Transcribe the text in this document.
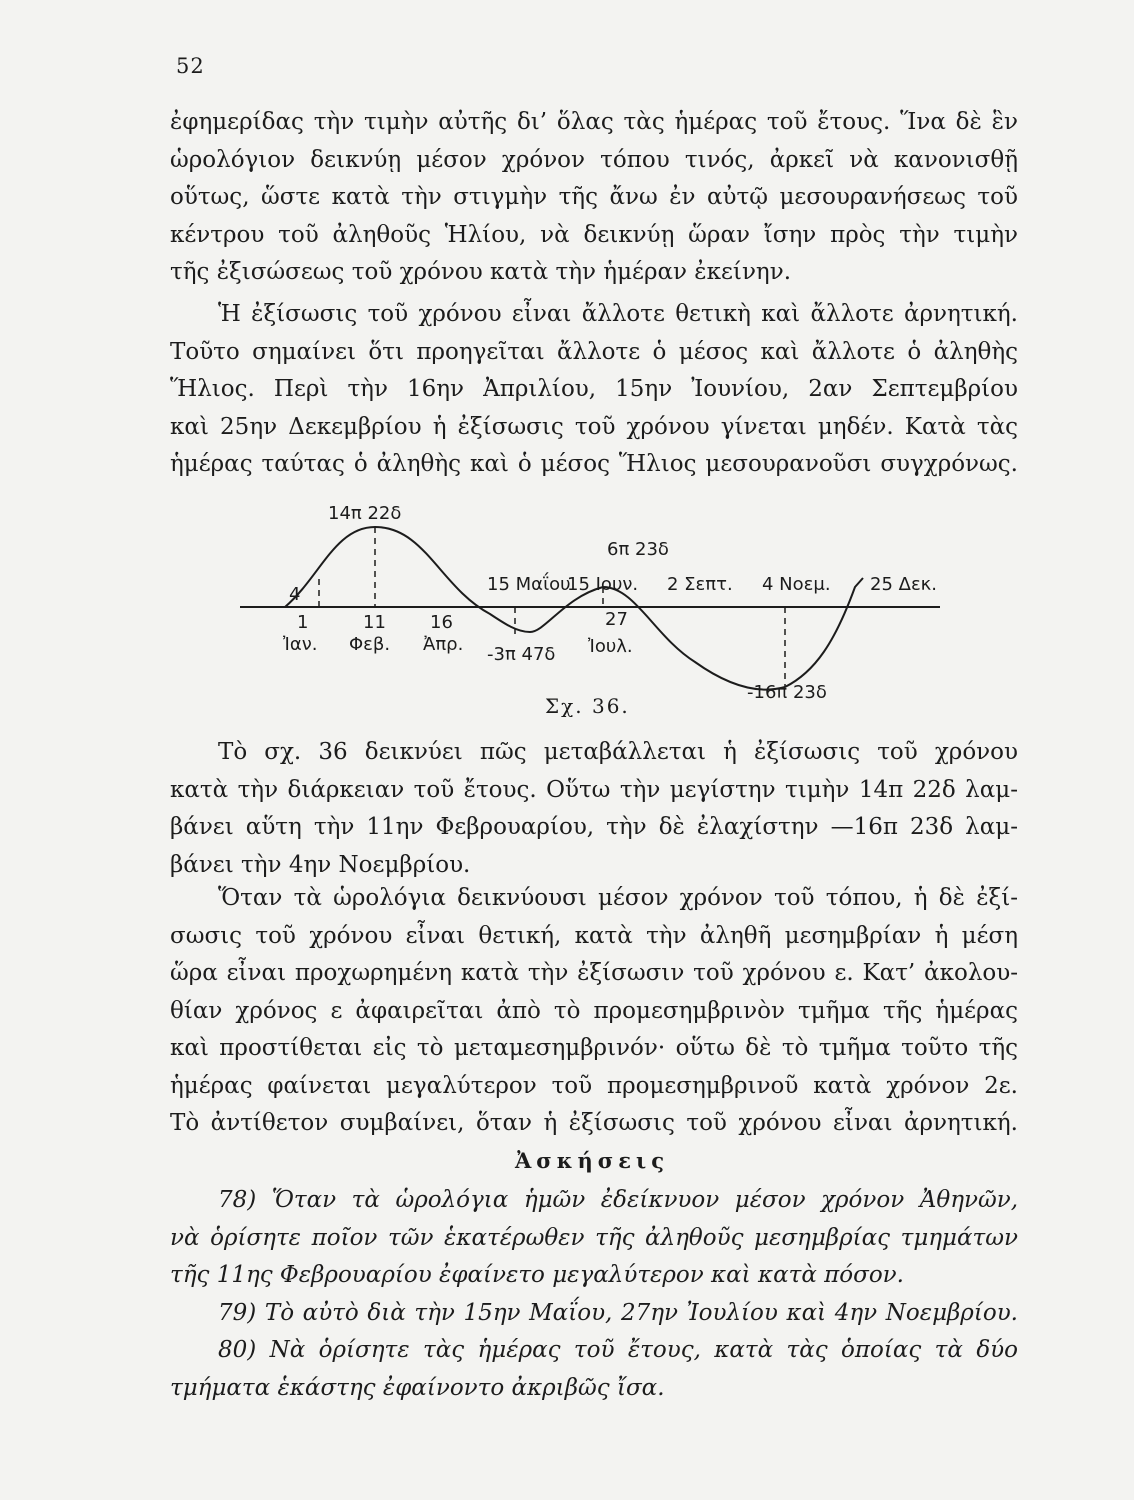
52
ἐφημερίδας τὴν τιμὴν αὐτῆς δι’ ὅλας τὰς ἡμέρας τοῦ ἔτους. Ἵνα δὲ ἓν
ὡρολόγιον δεικνύῃ μέσον χρόνον τόπου τινός, ἀρκεῖ νὰ κανονισθῇ
οὕτως, ὥστε κατὰ τὴν στιγμὴν τῆς ἄνω ἐν αὐτῷ μεσουρανήσεως τοῦ
κέντρου τοῦ ἀληθοῦς Ἡλίου, νὰ δεικνύῃ ὥραν ἴσην πρὸς τὴν τιμὴν
τῆς ἐξισώσεως τοῦ χρόνου κατὰ τὴν ἡμέραν ἐκείνην.
Ἡ ἐξίσωσις τοῦ χρόνου εἶναι ἄλλοτε θετικὴ καὶ ἄλλοτε ἀρνητική.
Τοῦτο σημαίνει ὅτι προηγεῖται ἄλλοτε ὁ μέσος καὶ ἄλλοτε ὁ ἀληθὴς
Ἥλιος. Περὶ τὴν 16ην Ἀπριλίου, 15ην Ἰουνίου, 2αν Σεπτεμβρίου
καὶ 25ην Δεκεμβρίου ἡ ἐξίσωσις τοῦ χρόνου γίνεται μηδέν. Κατὰ τὰς
ἡμέρας ταύτας ὁ ἀληθὴς καὶ ὁ μέσος Ἥλιος μεσουρανοῦσι συγχρόνως.
14π 22δ
6π 23δ
-3π 47δ
-16π 23δ
4	15 Μαΐου
15 Ιουν. 2 Σεπτ. 4 Νοεμ. 25 Δεκ.
1
Ἰαν.
11
Φεβ.
16
Ἀπρ.
27
Ἰουλ.
Σχ. 36.
Τὸ σχ. 36 δεικνύει πῶς μεταβάλλεται ἡ ἐξίσωσις τοῦ χρόνου
κατὰ τὴν διάρκειαν τοῦ ἔτους. Οὕτω τὴν μεγίστην τιμὴν 14π 22δ λαμ-
βάνει αὕτη τὴν 11ην Φεβρουαρίου, τὴν δὲ ἐλαχίστην —16π 23δ λαμ-
βάνει τὴν 4ην Νοεμβρίου.
Ὅταν τὰ ὡρολόγια δεικνύουσι μέσον χρόνον τοῦ τόπου, ἡ δὲ ἐξί-
σωσις τοῦ χρόνου εἶναι θετική, κατὰ τὴν ἀληθῆ μεσημβρίαν ἡ μέση
ὥρα εἶναι προχωρημένη κατὰ τὴν ἐξίσωσιν τοῦ χρόνου ε. Κατ’ ἀκολου-
θίαν χρόνος ε ἀφαιρεῖται ἀπὸ τὸ προμεσημβρινὸν τμῆμα τῆς ἡμέρας
καὶ προστίθεται εἰς τὸ μεταμεσημβρινόν· οὕτω δὲ τὸ τμῆμα τοῦτο τῆς
ἡμέρας φαίνεται μεγαλύτερον τοῦ προμεσημβρινοῦ κατὰ χρόνον 2ε.
Τὸ ἀντίθετον συμβαίνει, ὅταν ἡ ἐξίσωσις τοῦ χρόνου εἶναι ἀρνητική.
Ἀσκήσεις
78) Ὅταν τὰ ὡρολόγια ἡμῶν ἐδείκνυον μέσον χρόνον Ἀθηνῶν,
νὰ ὁρίσητε ποῖον τῶν ἑκατέρωθεν τῆς ἀληθοῦς μεσημβρίας τμημάτων
τῆς 11ης Φεβρουαρίου ἐφαίνετο μεγαλύτερον καὶ κατὰ πόσον.
79) Τὸ αὐτὸ διὰ τὴν 15ην Μαΐου, 27ην Ἰουλίου καὶ 4ην Νοεμβρίου.
80) Νὰ ὁρίσητε τὰς ἡμέρας τοῦ ἔτους, κατὰ τὰς ὁποίας τὰ δύο
τμήματα ἑκάστης ἐφαίνοντο ἀκριβῶς ἴσα.
